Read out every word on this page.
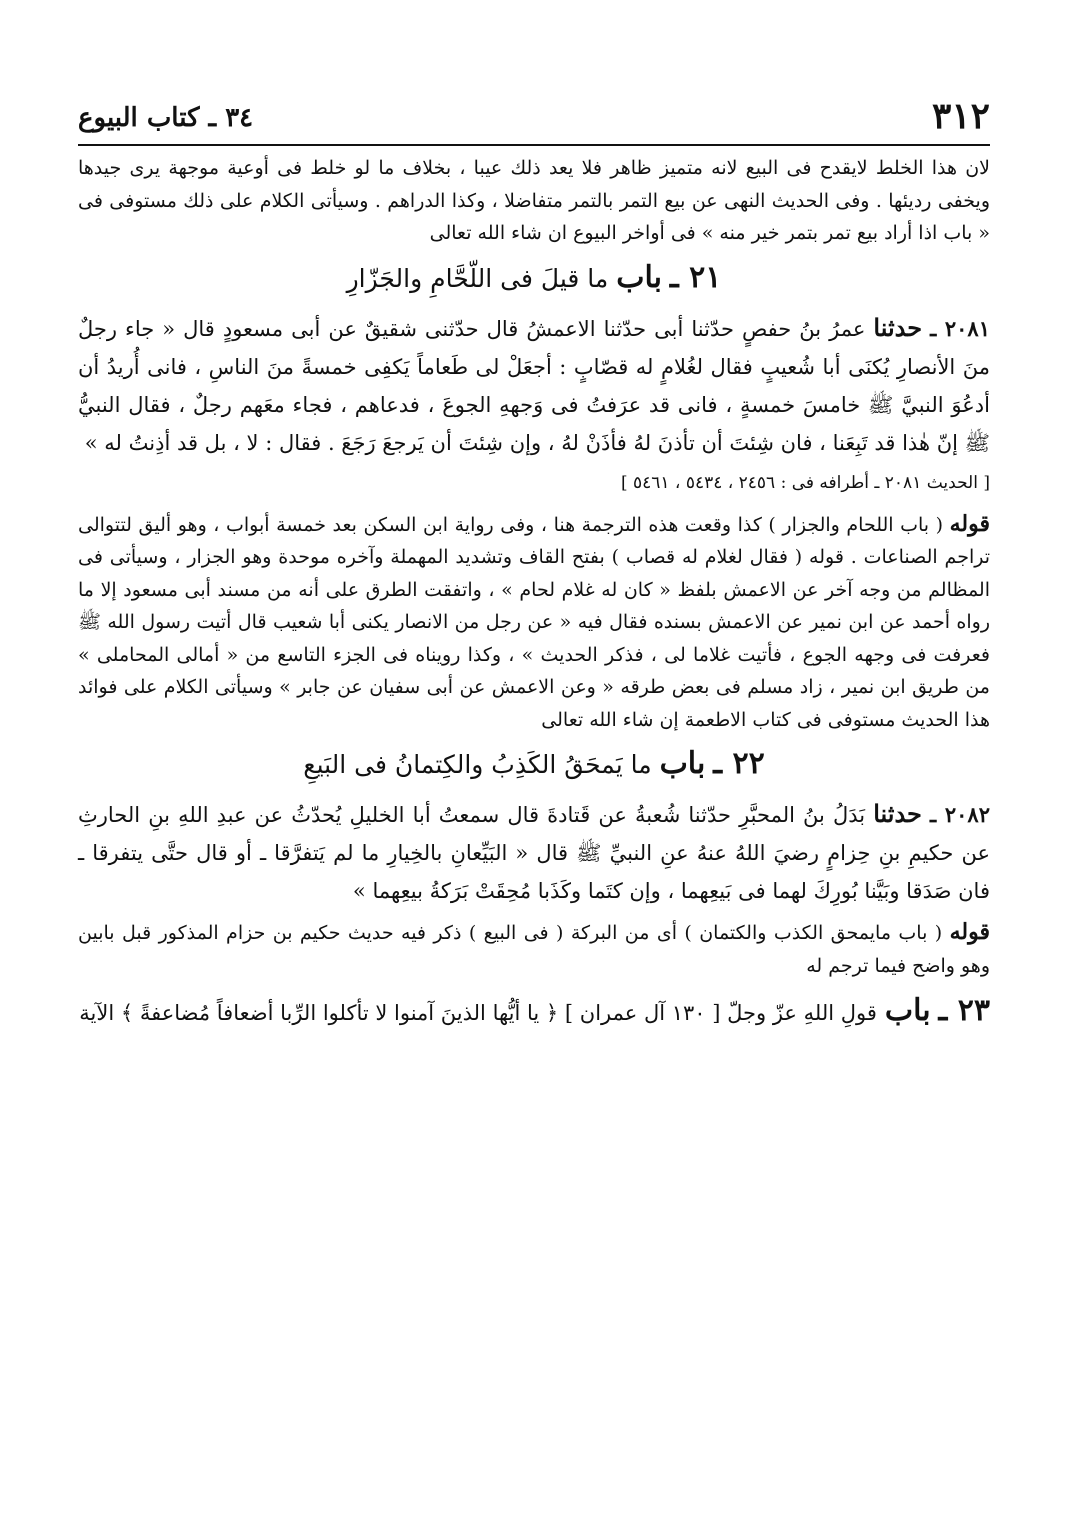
٣١٢
٣٤ ـ كتاب البيوع

لان هذا الخلط لايقدح فى البيع لانه متميز ظاهر فلا يعد ذلك عيبا ، بخلاف ما لو خلط فى أوعية موجهة يرى جيدها ويخفى رديئها . وفى الحديث النهى عن بيع التمر بالتمر متفاضلا ، وكذا الدراهم . وسيأتى الكلام على ذلك مستوفى فى « باب اذا أراد بيع تمر بتمر خير منه » فى أواخر البيوع ان شاء الله تعالى

٢١ ـ باب ما قيلَ فى اللّحَّامِ والجَزّارِ

٢٠٨١ ـ حدثنا عمرُ بنُ حفصٍ حدّثنا أبى حدّثنا الاعمشُ قال حدّثنى شقيقٌ عن أبى مسعودٍ قال « جاء رجلٌ منَ الأنصارِ يُكنَى أبا شُعيبٍ فقال لغُلامٍ له قصّابٍ : أجعَلْ لى طَعاماً يَكفِى خمسةً منَ الناسِ ، فانى أُريدُ أن أدعُوَ النبيَّ ﷺ خامسَ خمسةٍ ، فانى قد عرَفتُ فى وَجههِ الجوعَ ، فدعاهم ، فجاء معَهم رجلٌ ، فقال النبيُّ ﷺ إنّ هٰذا قد تَبِعَنا ، فان شِئتَ أن تأذنَ لهُ فأذَنْ لهُ ، وإن شِئتَ أن يَرجعَ رَجَعَ . فقال : لا ، بل قد أذِنتُ له »

[ الحديث ٢٠٨١ ـ أطرافه فى : ٢٤٥٦ ، ٥٤٣٤ ، ٥٤٦١ ]

قوله ( باب اللحام والجزار ) كذا وقعت هذه الترجمة هنا ، وفى رواية ابن السكن بعد خمسة أبواب ، وهو أليق لتتوالى تراجم الصناعات . قوله ( فقال لغلام له قصاب ) بفتح القاف وتشديد المهملة وآخره موحدة وهو الجزار ، وسيأتى فى المظالم من وجه آخر عن الاعمش بلفظ « كان له غلام لحام » ، واتفقت الطرق على أنه من مسند أبى مسعود إلا ما رواه أحمد عن ابن نمير عن الاعمش بسنده فقال فيه « عن رجل من الانصار يكنى أبا شعيب قال أتيت رسول الله ﷺ فعرفت فى وجهه الجوع ، فأتيت غلاما لى ، فذكر الحديث » ، وكذا رويناه فى الجزء التاسع من « أمالى المحاملى » من طريق ابن نمير ، زاد مسلم فى بعض طرقه « وعن الاعمش عن أبى سفيان عن جابر » وسيأتى الكلام على فوائد هذا الحديث مستوفى فى كتاب الاطعمة إن شاء الله تعالى

٢٢ ـ باب ما يَمحَقُ الكَذِبُ والكِتمانُ فى البَيعِ

٢٠٨٢ ـ حدثنا بَدَلُ بنُ المحبَّرِ حدّثنا شُعبةُ عن قَتادةَ قال سمعتُ أبا الخليلِ يُحدّثُ عن عبدِ اللهِ بنِ الحارثِ عن حكيمِ بنِ حِزامٍ رضيَ اللهُ عنهُ عنِ النبيِّ ﷺ قال « البَيِّعانِ بالخِيارِ ما لم يَتفرَّقا ـ أو قال حتَّى يتفرقا ـ فان صَدَقا وبَيَّنا بُورِكَ لهما فى بَيعِهما ، وإن كتَما وكَذَبا مُحِقَتْ بَرَكةُ بيعِهما »

قوله ( باب مايمحق الكذب والكتمان ) أى من البركة ( فى البيع ) ذكر فيه حديث حكيم بن حزام المذكور قبل بابين وهو واضح فيما ترجم له

٢٣ ـ باب قولِ اللهِ عزّ وجلّ [ ١٣٠ آل عمران ] ﴿ يا أيُّها الذينَ آمنوا لا تأكلوا الرِّبا أضعافاً مُضاعفةً ﴾ الآية
